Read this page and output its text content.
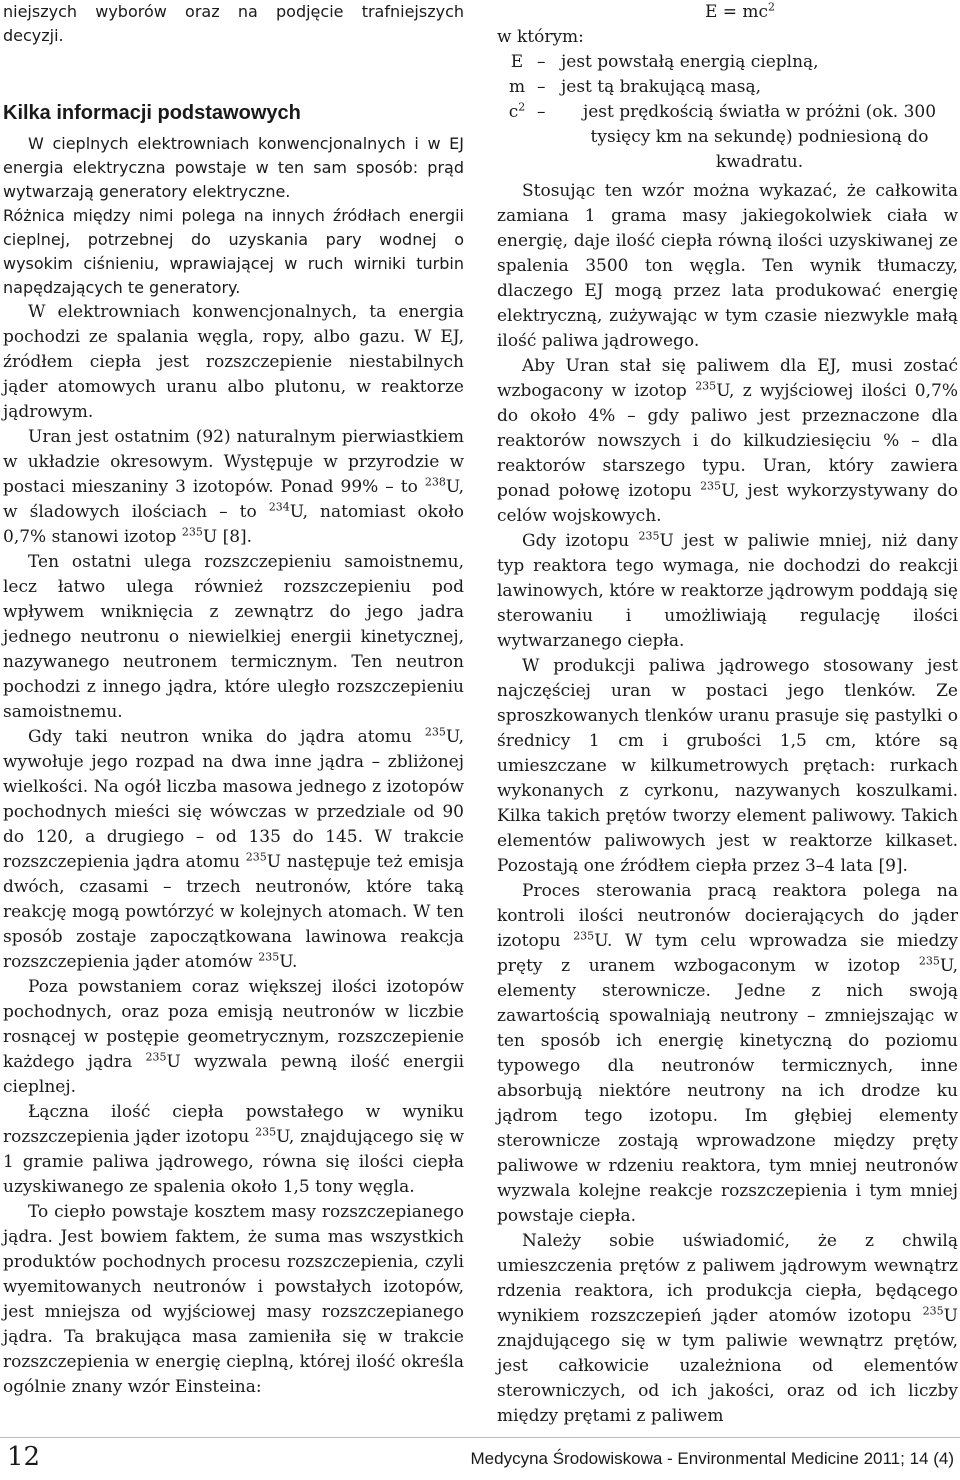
niejszych wyborów oraz na podjęcie trafniejszych decyzji.

Kilka informacji podstawowych

W cieplnych elektrowniach konwencjonalnych i w EJ energia elektryczna powstaje w ten sam sposób: prąd wytwarzają generatory elektryczne.

Różnica między nimi polega na innych źródłach energii cieplnej, potrzebnej do uzyskania pary wodnej o wysokim ciśnieniu, wprawiającej w ruch wirniki turbin napędzających te generatory.

W elektrowniach konwencjonalnych, ta energia pochodzi ze spalania węgla, ropy, albo gazu. W EJ, źródłem ciepła jest rozszczepienie niestabilnych jąder atomowych uranu albo plutonu, w reaktorze jądrowym.

Uran jest ostatnim (92) naturalnym pierwiastkiem w układzie okresowym. Występuje w przyrodzie w postaci mieszaniny 3 izotopów. Ponad 99% – to $^{238}$U, w śladowych ilościach – to $^{234}$U, natomiast około 0,7% stanowi izotop $^{235}$U [8].

Ten ostatni ulega rozszczepieniu samoistnemu, lecz łatwo ulega również rozszczepieniu pod wpływem wniknięcia z zewnątrz do jego jadra jednego neutronu o niewielkiej energii kinetycznej, nazywanego neutronem termicznym. Ten neutron pochodzi z innego jądra, które uległo rozszczepieniu samoistnemu.

Gdy taki neutron wnika do jądra atomu $^{235}$U, wywołuje jego rozpad na dwa inne jądra – zbliżonej wielkości. Na ogół liczba masowa jednego z izotopów pochodnych mieści się wówczas w przedziale od 90 do 120, a drugiego – od 135 do 145. W trakcie rozszczepienia jądra atomu $^{235}$U następuje też emisja dwóch, czasami – trzech neutronów, które taką reakcję mogą powtórzyć w kolejnych atomach. W ten sposób zostaje zapoczątkowana lawinowa reakcja rozszczepienia jąder atomów $^{235}$U.

Poza powstaniem coraz większej ilości izotopów pochodnych, oraz poza emisją neutronów w liczbie rosnącej w postępie geometrycznym, rozszczepienie każdego jądra $^{235}$U wyzwala pewną ilość energii cieplnej.

Łączna ilość ciepła powstałego w wyniku rozszczepienia jąder izotopu $^{235}$U, znajdującego się w 1 gramie paliwa jądrowego, równa się ilości ciepła uzyskiwanego ze spalenia około 1,5 tony węgla.

To ciepło powstaje kosztem masy rozszczepianego jądra. Jest bowiem faktem, że suma mas wszystkich produktów pochodnych procesu rozszczepienia, czyli wyemitowanych neutronów i powstałych izotopów, jest mniejsza od wyjściowej masy rozszczepianego jądra. Ta brakująca masa zamieniła się w trakcie rozszczepienia w energię cieplną, której ilość określa ogólnie znany wzór Einsteina:

$E = mc^2$

w którym:

E – jest powstałą energią cieplną,
m – jest tą brakującą masą,
$c^2$ –	jest prędkością światła w próżni (ok. 300 tysięcy km na sekundę) podniesioną do kwadratu.

Stosując ten wzór można wykazać, że całkowita zamiana 1 grama masy jakiegokolwiek ciała w energię, daje ilość ciepła równą ilości uzyskiwanej ze spalenia 3500 ton węgla. Ten wynik tłumaczy, dlaczego EJ mogą przez lata produkować energię elektryczną, zużywając w tym czasie niezwykle małą ilość paliwa jądrowego.

Aby Uran stał się paliwem dla EJ, musi zostać wzbogacony w izotop $^{235}$U, z wyjściowej ilości 0,7% do około 4% – gdy paliwo jest przeznaczone dla reaktorów nowszych i do kilkudziesięciu % – dla reaktorów starszego typu. Uran, który zawiera ponad połowę izotopu $^{235}$U, jest wykorzystywany do celów wojskowych.

Gdy izotopu $^{235}$U jest w paliwie mniej, niż dany typ reaktora tego wymaga, nie dochodzi do reakcji lawinowych, które w reaktorze jądrowym poddają się sterowaniu i umożliwiają regulację ilości wytwarzanego ciepła.

W produkcji paliwa jądrowego stosowany jest najczęściej uran w postaci jego tlenków. Ze sproszkowanych tlenków uranu prasuje się pastylki o średnicy 1 cm i grubości 1,5 cm, które są umieszczane w kilkumetrowych prętach: rurkach wykonanych z cyrkonu, nazywanych koszulkami. Kilka takich prętów tworzy element paliwowy. Takich elementów paliwowych jest w reaktorze kilkaset. Pozostają one źródłem ciepła przez 3–4 lata [9].

Proces sterowania pracą reaktora polega na kontroli ilości neutronów docierających do jąder izotopu $^{235}$U. W tym celu wprowadza sie miedzy pręty z uranem wzbogaconym w izotop $^{235}$U, elementy sterownicze. Jedne z nich swoją zawartością spowalniają neutrony – zmniejszając w ten sposób ich energię kinetyczną do poziomu typowego dla neutronów termicznych, inne absorbują niektóre neutrony na ich drodze ku jądrom tego izotopu. Im głębiej elementy sterownicze zostają wprowadzone między pręty paliwowe w rdzeniu reaktora, tym mniej neutronów wyzwala kolejne reakcje rozszczepienia i tym mniej powstaje ciepła.

Należy sobie uświadomić, że z chwilą umieszczenia prętów z paliwem jądrowym wewnątrz rdzenia reaktora, ich produkcja ciepła, będącego wynikiem rozszczepień jąder atomów izotopu $^{235}$U znajdującego się w tym paliwie wewnątrz prętów, jest całkowicie uzależniona od elementów sterowniczych, od ich jakości, oraz od ich liczby między prętami z paliwem

12	Medycyna Środowiskowa - Environmental Medicine 2011; 14 (4)
